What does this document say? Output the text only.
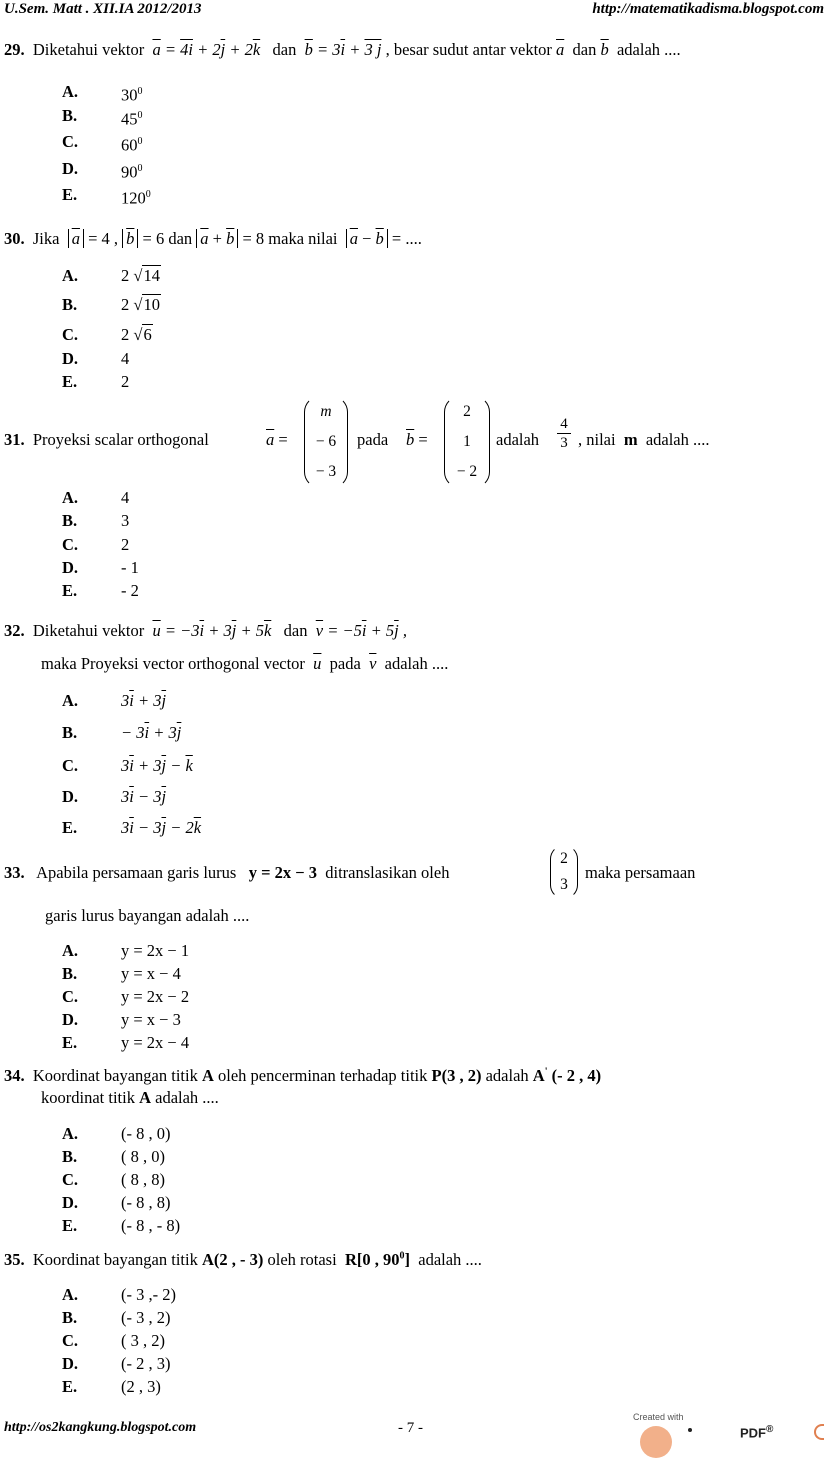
U.Sem. Matt . XII.IA 2012/2013	http://matematikadisma.blogspot.com
29. Diketahui vektor $\overline{a} = 4i + 2\overline{j} + 2\overline{k}$ dan $\overline{b} = 3\overline{i} + 3$ j , besar sudut antar vektor $\overline{a}$ dan $\overline{b}$ adalah ....
A.	$30^0$
B.	$45^0$
C.	$60^0$
D.	$90^0$
E.	$120^0$
30. Jika $\overline{a} = 4$ , $\overline{b} = 6$ dan $\overline{a} + \overline{b} = 8$ maka nilai $\overline{a} - \overline{b}$ = ....
A.	2 √14
B.	2 √10
C.	2 √6
D.	4
E.	2
31. Proyeksi scalar orthogonal	$\overline{a}$ =
m
− 6
− 3
pada $\overline{b}$ =
2
1
− 2
adalah $\frac{4}{3}$ , nilai m adalah ....
A.	4
B.	3
C.	2
D.	- 1
E.	- 2
32. Diketahui vektor $\overline{u} = -3\overline{i} + 3\overline{j} + 5\overline{k}$ dan $\overline{v} = -5\overline{i} + 5\overline{j}$ ,
maka Proyeksi vector orthogonal vector $\overline{u}$ pada $\overline{v}$ adalah ....
A.	$3\overline{i} + 3\overline{j}$
B.	− $3\overline{i} + 3\overline{j}$
C.	$3\overline{i} + 3\overline{j} - \overline{k}$
D.	$3\overline{i} - 3\overline{j}$
E.	$3\overline{i} - 3\overline{j} - 2\overline{k}$
33. Apabila persamaan garis lurus y = 2x − 3 ditranslasikan oleh
2
3
maka persamaan
garis lurus bayangan adalah ....
A.	y = 2x − 1
B.	y = x − 4
C.	y = 2x − 2
D.	y = x − 3
E.	y = 2x − 4
34. Koordinat bayangan titik A oleh pencerminan terhadap titik P(3 , 2) adalah A' (- 2 , 4)
koordinat titik A adalah ....
A.	(- 8 , 0)
B.	( 8 , 0)
C.	( 8 , 8)
D.	(- 8 , 8)
E.	(- 8 , - 8)
35. Koordinat bayangan titik A(2 , - 3) oleh rotasi R[0 , $90^0$] adalah ....
A.	(- 3 ,- 2)
B.	(- 3 , 2)
C.	( 3 , 2)
D.	(- 2 , 3)
E.	(2 , 3)
http://os2kangkung.blogspot.com	- 7 -
Created with
PDF®
